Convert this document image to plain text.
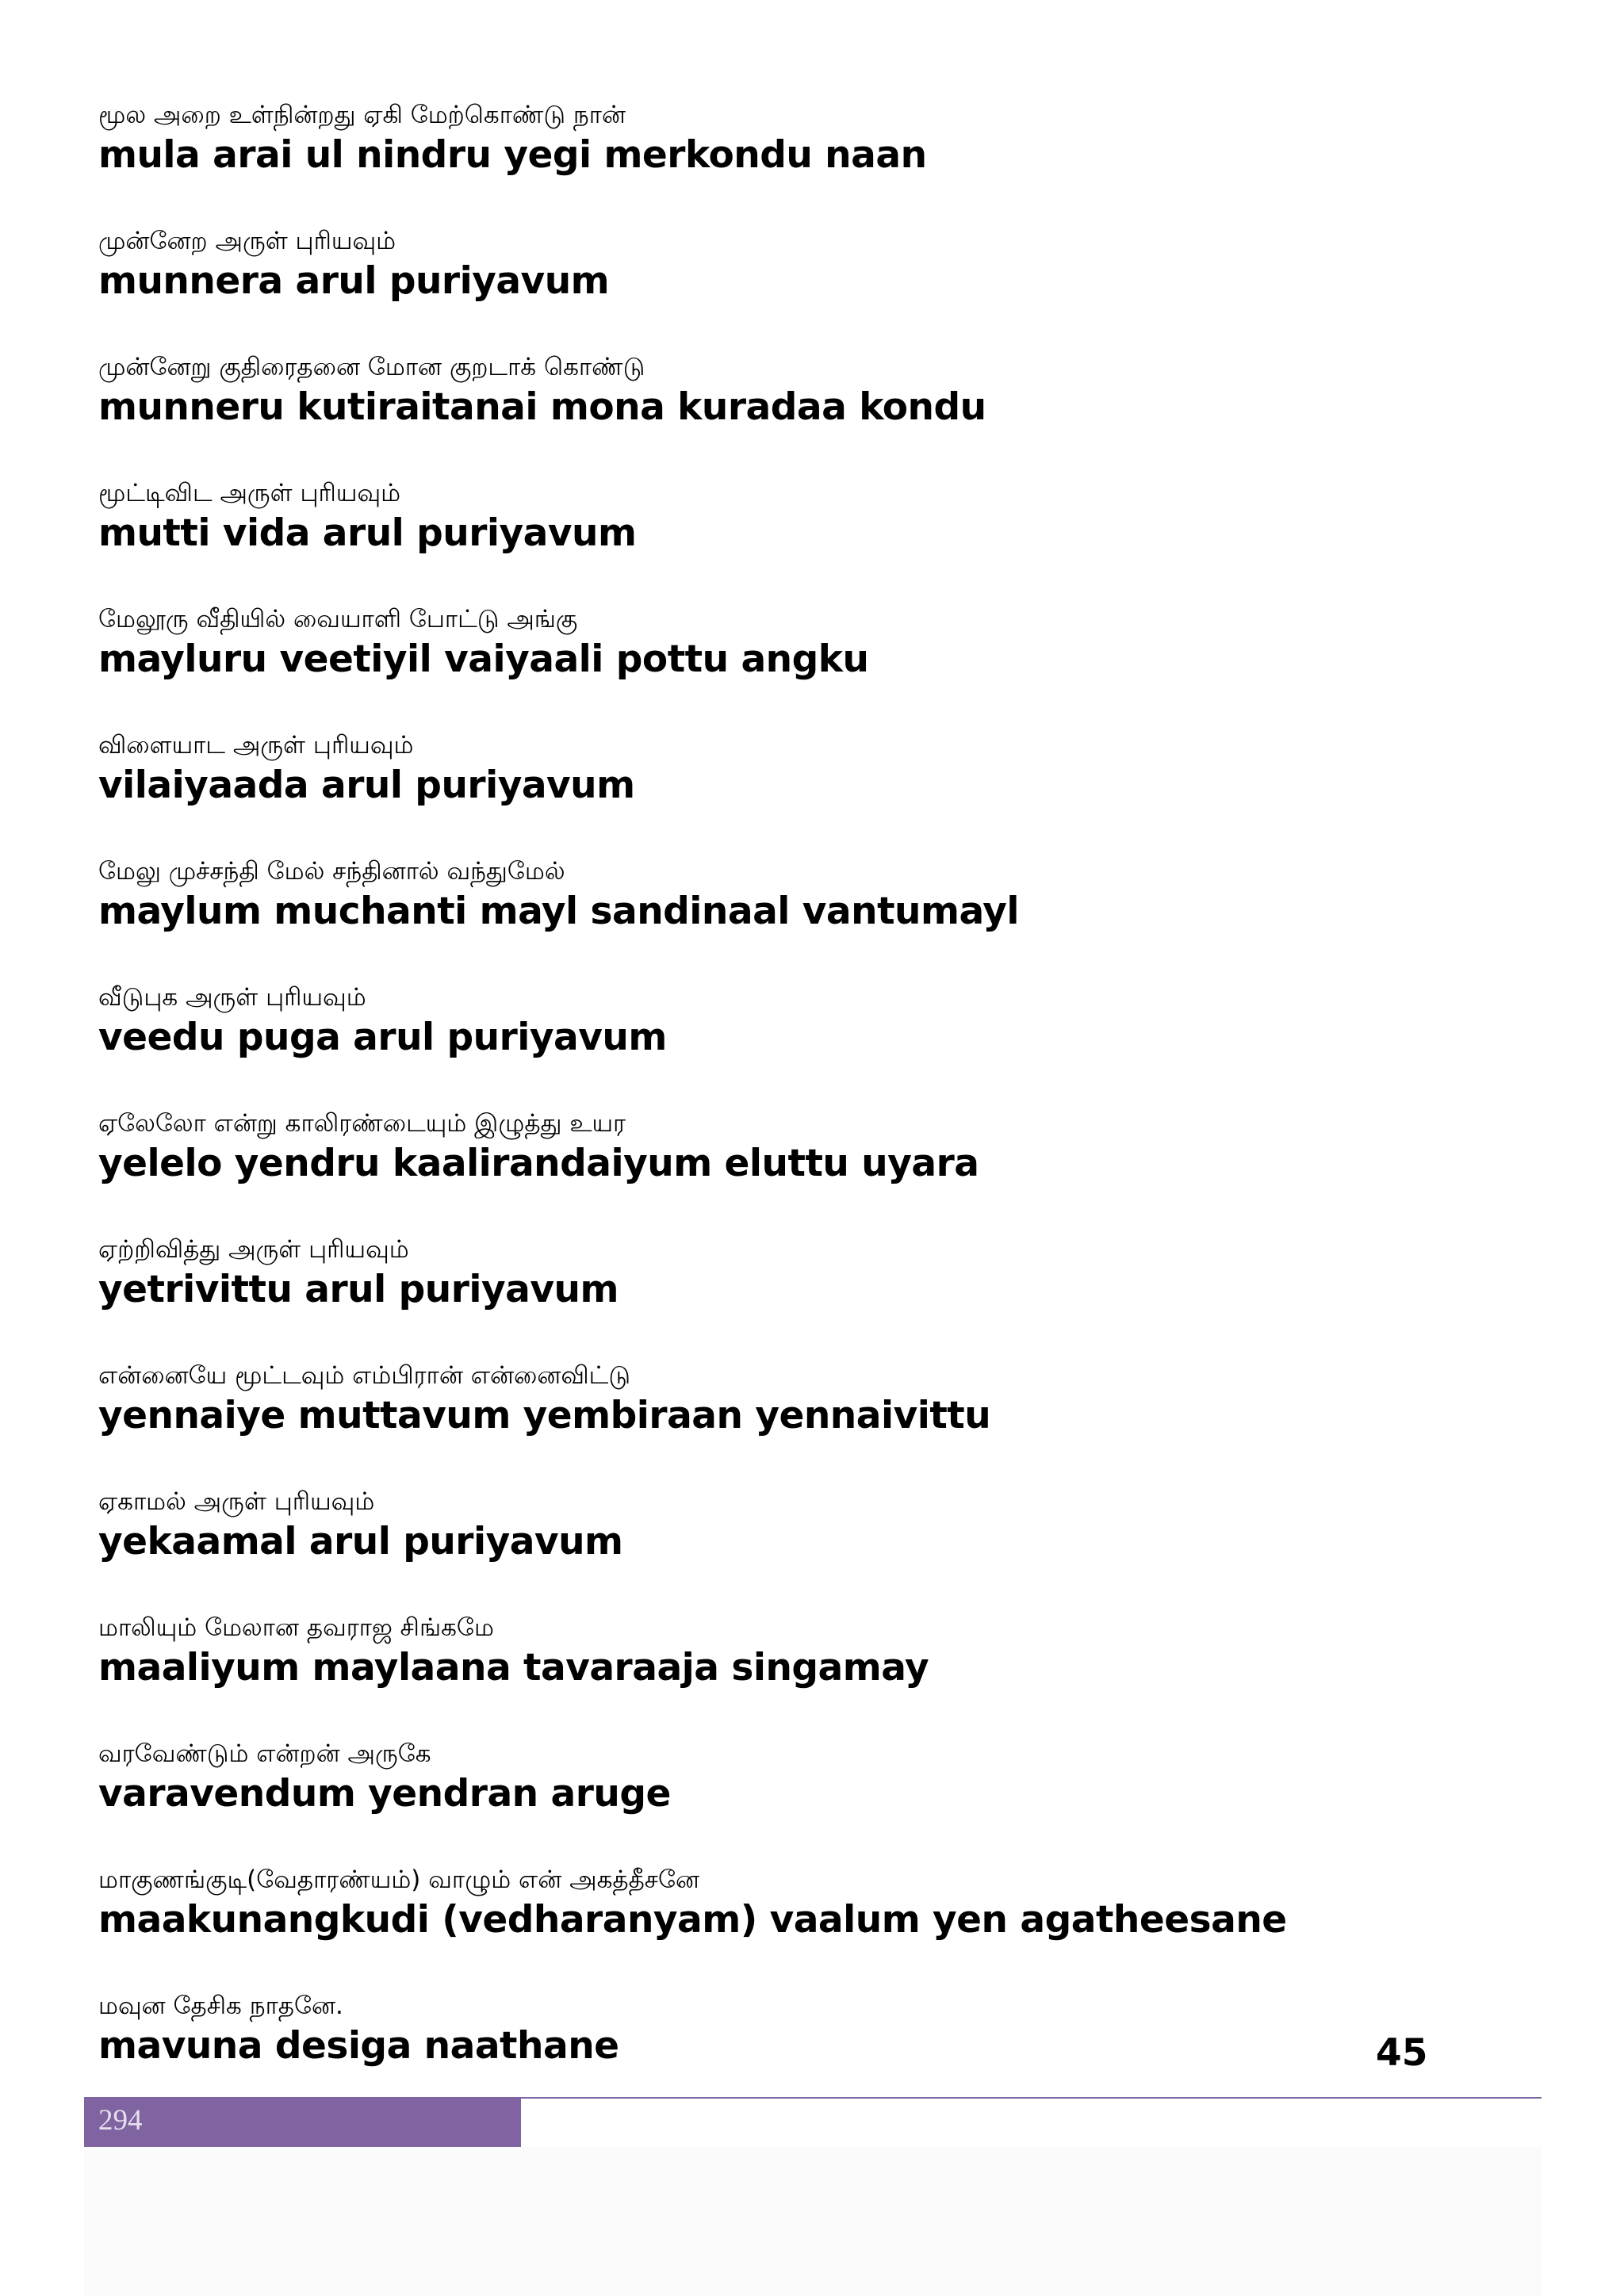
மூல அறை உள்நின்றது ஏகி மேற்கொண்டு நான்
mula arai ul nindru yegi merkondu naan
முன்னேற அருள் புரியவும்
munnera arul puriyavum
முன்னேறு குதிரைதனை மோன குறடாக் கொண்டு
munneru kutiraitanai mona kuradaa kondu
மூட்டிவிட அருள் புரியவும்
mutti vida arul puriyavum
மேலூரு வீதியில் வையாளி போட்டு அங்கு
mayluru veetiyil vaiyaali pottu angku
விளையாட அருள் புரியவும்
vilaiyaada arul puriyavum
மேலு முச்சந்தி மேல் சந்தினால் வந்துமேல்
maylum muchanti mayl sandinaal vantumayl
வீடுபுக அருள் புரியவும்
veedu puga arul puriyavum
ஏலேலோ என்று காலிரண்டையும் இழுத்து உயர
yelelo yendru kaalirandaiyum eluttu uyara
ஏற்றிவித்து அருள் புரியவும்
yetrivittu arul puriyavum
என்னையே மூட்டவும் எம்பிரான் என்னைவிட்டு
yennaiye muttavum yembiraan yennaivittu
ஏகாமல் அருள் புரியவும்
yekaamal arul puriyavum
மாலியும் மேலான தவராஜ சிங்கமே
maaliyum maylaana tavaraaja singamay
வரவேண்டும் என்றன் அருகே
varavendum yendran aruge
மாகுணங்குடி(வேதாரண்யம்) வாழும் என் அகத்தீசனே
maakunangkudi (vedharanyam) vaalum yen agatheesane
மவுன தேசிக நாதனே.
mavuna desiga naathane	45
294
